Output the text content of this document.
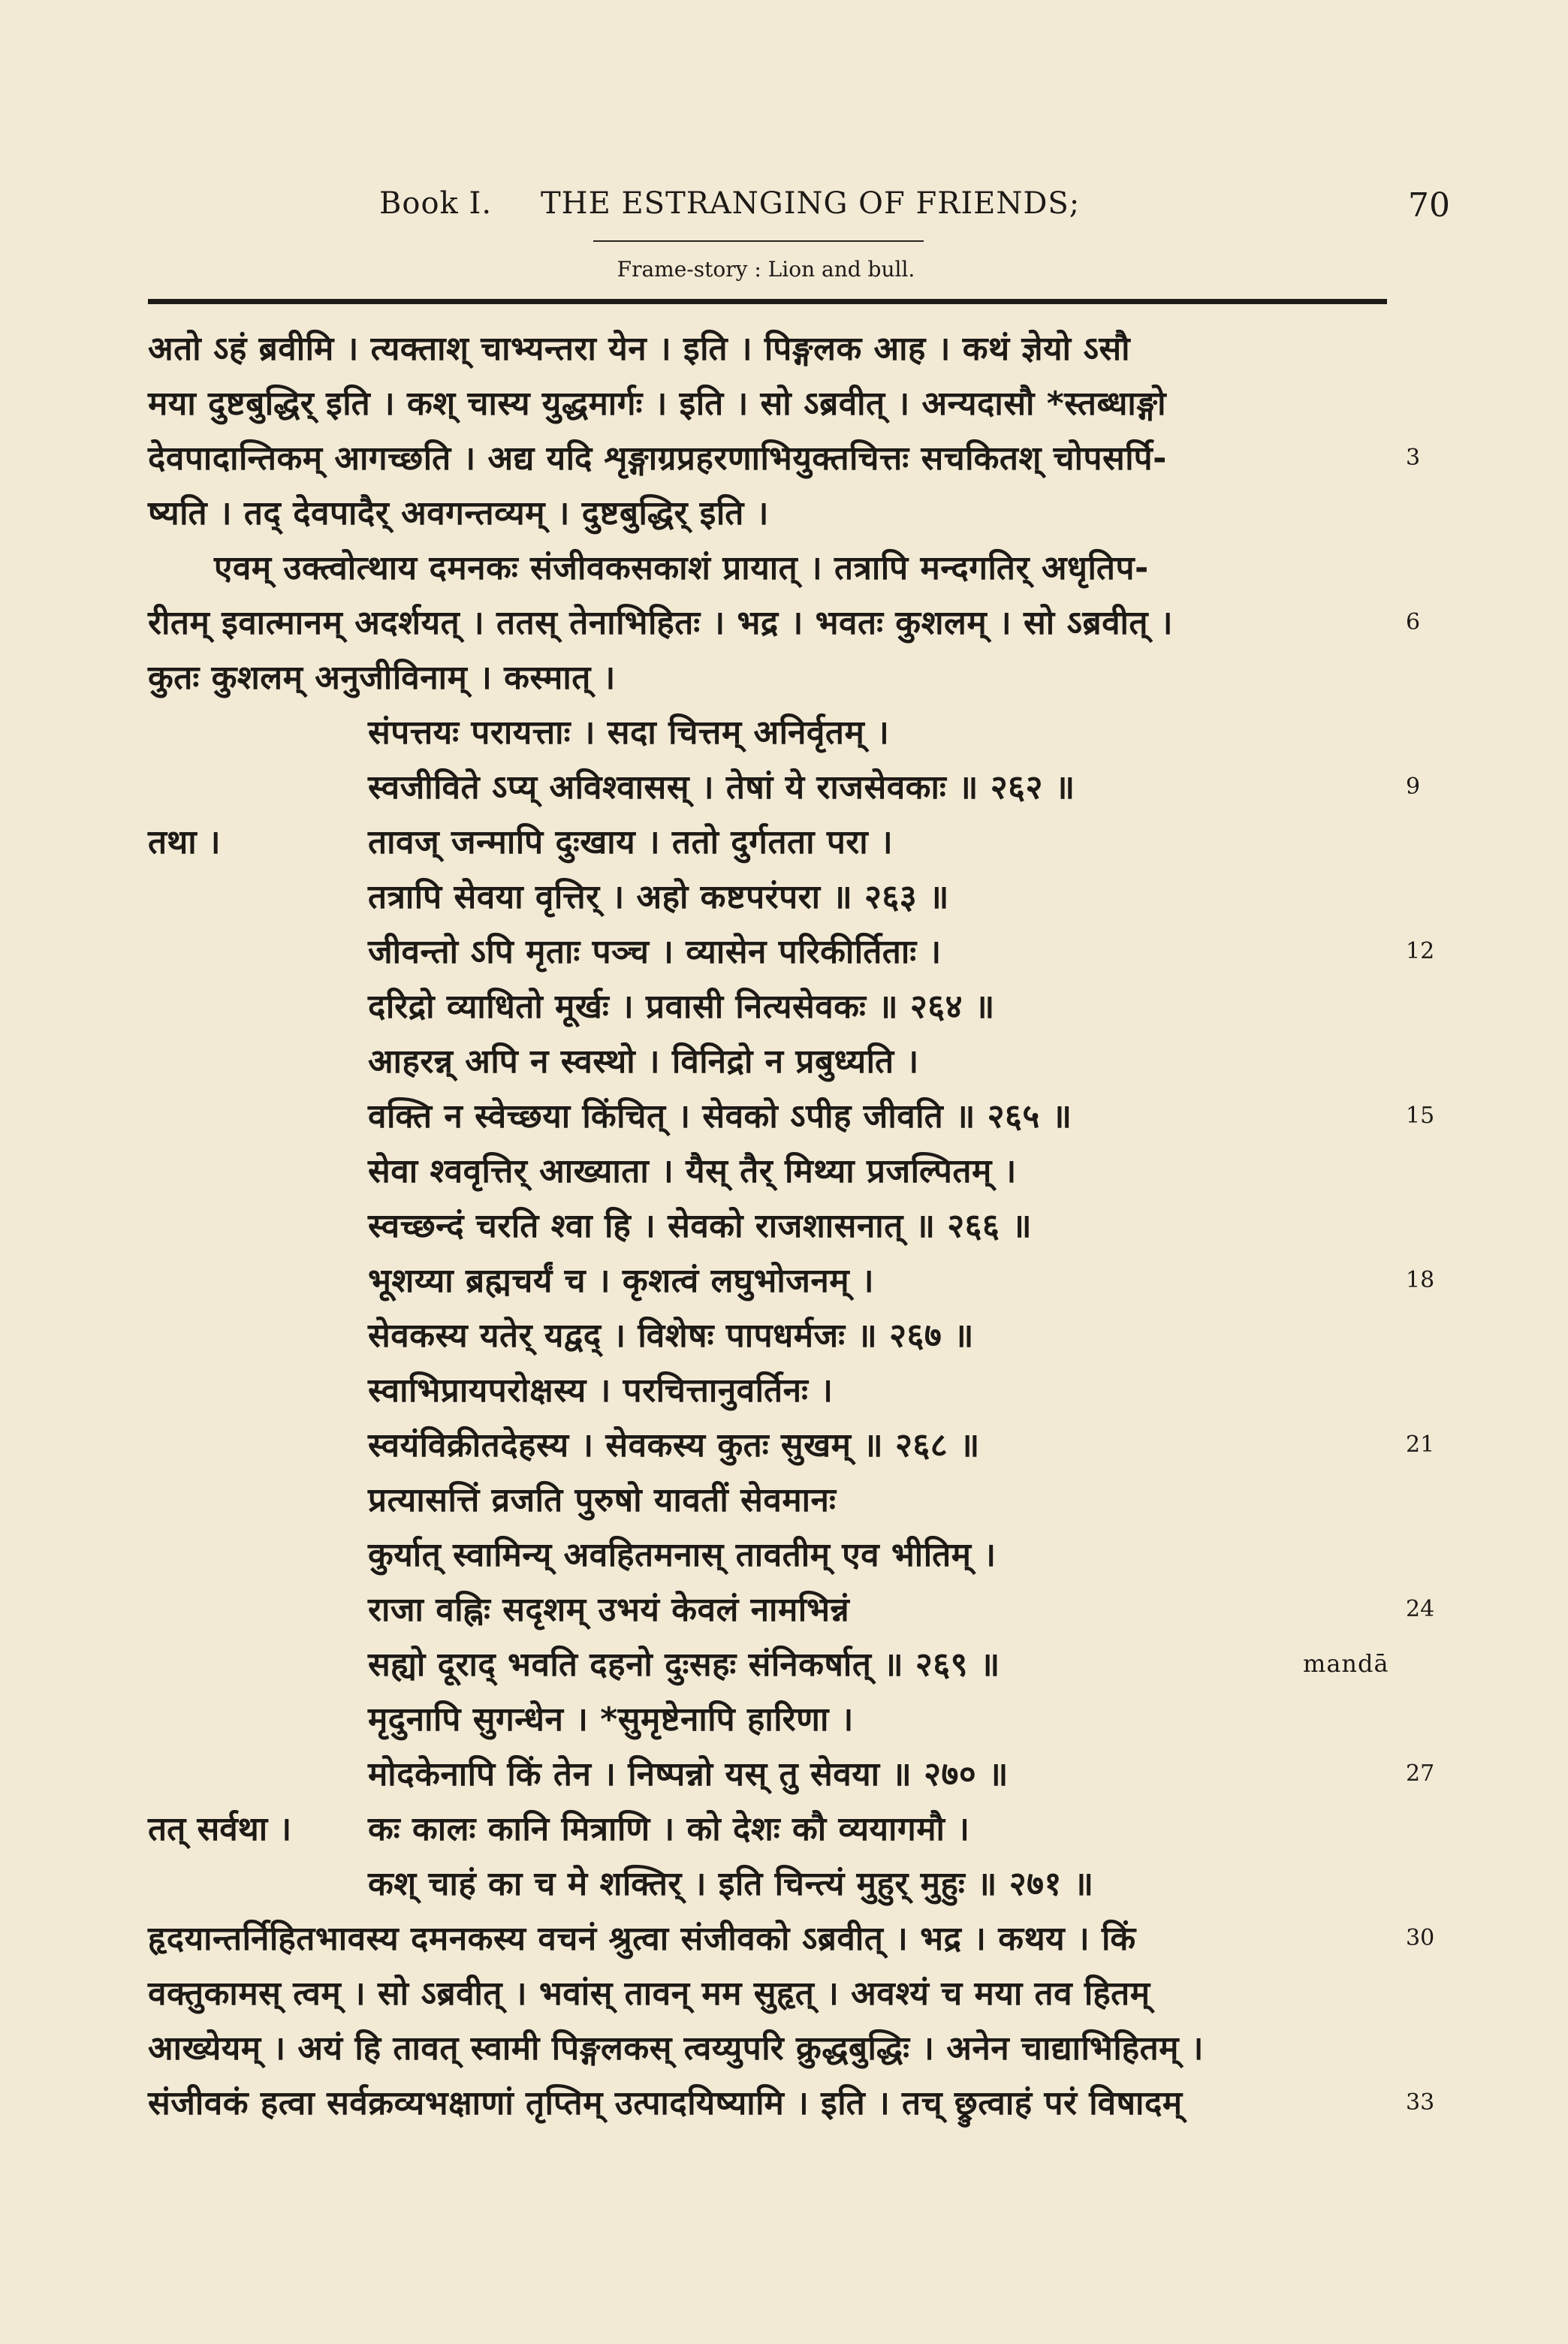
Book I. THE ESTRANGING OF FRIENDS;	70
Frame-story : Lion and bull.
अतो ऽहं ब्रवीमि । त्यक्ताश् चाभ्यन्तरा येन । इति । पिङ्गलक आह । कथं ज्ञेयो ऽसौ
मया दुष्टबुद्धिर् इति । कश् चास्य युद्धमार्गः । इति । सो ऽब्रवीत् । अन्यदासौ *स्तब्धाङ्गो
देवपादान्तिकम् आगच्छति । अद्य यदि शृङ्गाग्रप्रहरणाभियुक्तचित्तः सचकितश् चोपसर्पि-
ष्यति । तद् देवपादैर् अवगन्तव्यम् । दुष्टबुद्धिर् इति ।
एवम् उक्त्वोत्थाय दमनकः संजीवकसकाशं प्रायात् । तत्रापि मन्दगतिर् अधृतिप-
रीतम् इवात्मानम् अदर्शयत् । ततस् तेनाभिहितः । भद्र । भवतः कुशलम् । सो ऽब्रवीत् ।
कुतः कुशलम् अनुजीविनाम् । कस्मात् ।
संपत्तयः परायत्ताः । सदा चित्तम् अनिर्वृतम् ।
स्वजीविते ऽप्य् अविश्वासस् । तेषां ये राजसेवकाः ॥ २६२ ॥
तथा ।	तावज् जन्मापि दुःखाय । ततो दुर्गतता परा ।
तत्रापि सेवया वृत्तिर् । अहो कष्टपरंपरा ॥ २६३ ॥
जीवन्तो ऽपि मृताः पञ्च । व्यासेन परिकीर्तिताः ।
दरिद्रो व्याधितो मूर्खः । प्रवासी नित्यसेवकः ॥ २६४ ॥
आहरन्न् अपि न स्वस्थो । विनिद्रो न प्रबुध्यति ।
वक्ति न स्वेच्छया किंचित् । सेवको ऽपीह जीवति ॥ २६५ ॥
सेवा श्ववृत्तिर् आख्याता । यैस् तैर् मिथ्या प्रजल्पितम् ।
स्वच्छन्दं चरति श्वा हि । सेवको राजशासनात् ॥ २६६ ॥
भूशय्या ब्रह्मचर्यं च । कृशत्वं लघुभोजनम् ।
सेवकस्य यतेर् यद्वद् । विशेषः पापधर्मजः ॥ २६७ ॥
स्वाभिप्रायपरोक्षस्य । परचित्तानुवर्तिनः ।
स्वयंविक्रीतदेहस्य । सेवकस्य कुतः सुखम् ॥ २६८ ॥
प्रत्यासत्तिं व्रजति पुरुषो यावतीं सेवमानः
कुर्यात् स्वामिन्य् अवहितमनास् तावतीम् एव भीतिम् ।
राजा वह्निः सदृशम् उभयं केवलं नामभिन्नं
सह्यो दूराद् भवति दहनो दुःसहः संनिकर्षात् ॥ २६९ ॥
मृदुनापि सुगन्धेन । *सुमृष्टेनापि हारिणा ।
मोदकेनापि किं तेन । निष्पन्नो यस् तु सेवया ॥ २७० ॥
तत् सर्वथा । कः कालः कानि मित्राणि । को देशः कौ व्ययागमौ ।
कश् चाहं का च मे शक्तिर् । इति चिन्त्यं मुहुर् मुहुः ॥ २७१ ॥
हृदयान्तर्निहितभावस्य दमनकस्य वचनं श्रुत्वा संजीवको ऽब्रवीत् । भद्र । कथय । किं
वक्तुकामस् त्वम् । सो ऽब्रवीत् । भवांस् तावन् मम सुहृत् । अवश्यं च मया तव हितम्
आख्येयम् । अयं हि तावत् स्वामी पिङ्गलकस् त्वय्युपरि क्रुद्धबुद्धिः । अनेन चाद्याभिहितम् ।
संजीवकं हत्वा सर्वक्रव्यभक्षाणां तृप्तिम् उत्पादयिष्यामि । इति । तच् छ्रुत्वाहं परं विषादम्
3
6
9
12
15
18
21
24
27
30
33
mandā
